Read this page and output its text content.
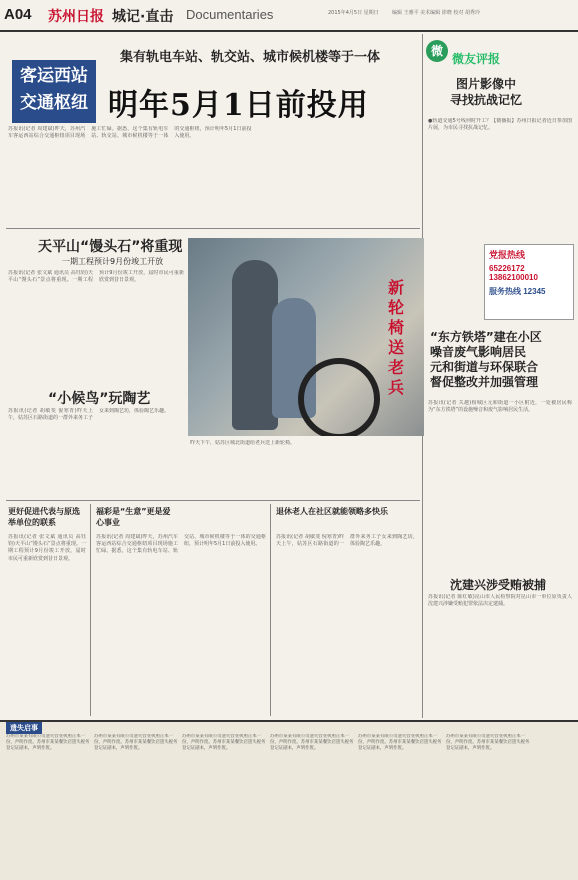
A04 苏州日报 城记·直击 Documentaries	2015年4月5日 星期日	编辑 王雅平 美术编辑 徐晓 校对 胡秀玲
客运西站
交通枢纽
集有轨电车站、轨交站、城市候机楼等于一体
明年5月1日前投用
苏报讯(记者 周建斌)昨天，苏州汽车客运西站综合交通枢纽项目现场施工忙碌。据悉，这个集有轨电车站、轨交站、城市候机楼等于一体的交通枢纽，预计明年5月1日前投入使用。
微
微友评报
图片影像中
寻找抗战记忆
●轨道交通5号线何时开工？【微播报】苏州日报记者近日参加图片展，为市民寻找抗战记忆。
党报热线
65226172
13862100010
服务热线 12345
天平山“馒头石”将重现
一期工程预计9月份竣工开放
苏报讯(记者 张文斌 通讯员 高钰钧)天平山“馒头石”景点将重现。一期工程预计9月份竣工开放，届时市民可重新欣赏到昔日景观。	新轮椅送老兵
昨天下午，姑苏区城北街道给老兵送上新轮椅。
“小候鸟”玩陶艺
苏报讯(记者 胡敏斐 倪寒青)昨天上午，姑苏区石路街道的一群外来务工子女来到陶艺坊，体验陶艺乐趣。
“东方铁塔”建在小区
噪音废气影响居民
元和街道与环保联合
督促整改并加强管理
苏报讯(记者 关越)相城区元和街道一小区附近，一处被居民称为“东方铁塔”的设施噪音和废气影响居民生活。
沈建兴涉受贿被捕
苏报讯(记者 陈红敏)昆山市人民检察院对昆山市一单位原负责人沈建兴涉嫌受贿犯罪依法决定逮捕。
更好促进代表与原选举单位的联系
苏报讯(记者 张文斌 通讯员 高钰钧)天平山“馒头石”景点将重现。一期工程预计9月份竣工开放，届时市民可重新欣赏到昔日景观。
福彩是“生意”更是爱心事业
苏报讯(记者 周建斌)昨天，苏州汽车客运西站综合交通枢纽项目现场施工忙碌。据悉，这个集有轨电车站、轨交站、城市候机楼等于一体的交通枢纽，预计明年5月1日前投入使用。
退休老人在社区就能领略多快乐
苏报讯(记者 胡敏斐 倪寒青)昨天上午，姑苏区石路街道的一群外来务工子女来到陶艺坊，体验陶艺乐趣。
遗失启事
苏州市某某有限公司遗失营业执照正本一份，声明作废。苏州市某某餐饮店遗失税务登记证副本，声明作废。
苏州市某某有限公司遗失营业执照正本一份，声明作废。苏州市某某餐饮店遗失税务登记证副本，声明作废。
苏州市某某有限公司遗失营业执照正本一份，声明作废。苏州市某某餐饮店遗失税务登记证副本，声明作废。
苏州市某某有限公司遗失营业执照正本一份，声明作废。苏州市某某餐饮店遗失税务登记证副本，声明作废。
苏州市某某有限公司遗失营业执照正本一份，声明作废。苏州市某某餐饮店遗失税务登记证副本，声明作废。
苏州市某某有限公司遗失营业执照正本一份，声明作废。苏州市某某餐饮店遗失税务登记证副本，声明作废。
